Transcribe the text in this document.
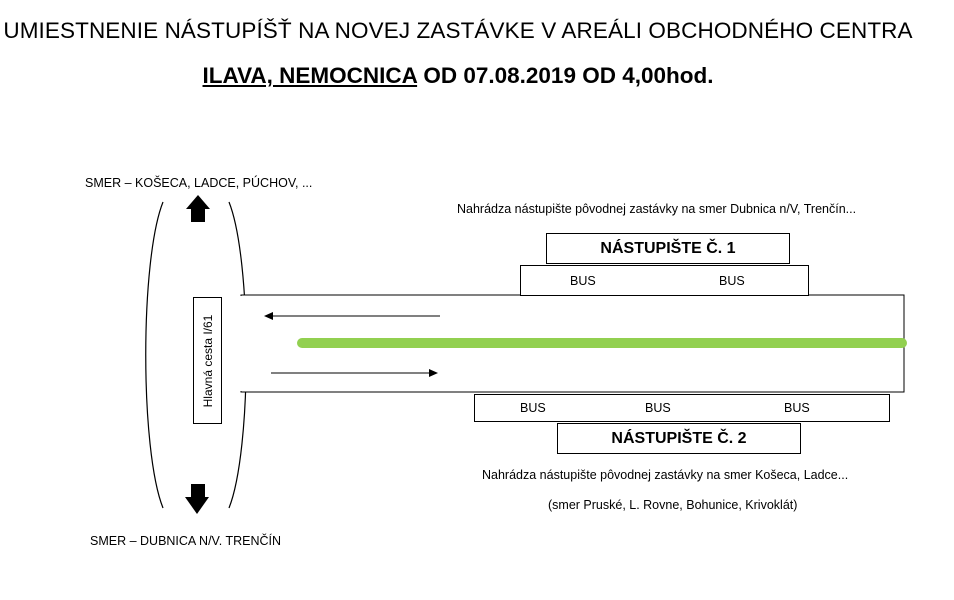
UMIESTNENIE NÁSTUPÍŠŤ NA NOVEJ ZASTÁVKE V AREÁLI OBCHODNÉHO CENTRA
ILAVA, NEMOCNICA OD 07.08.2019 OD 4,00hod.
Hlavná cesta I/61
SMER – KOŠECA, LADCE, PÚCHOV, ...
SMER – DUBNICA N/V. TRENČÍN
Nahrádza nástupište pôvodnej zastávky na smer Dubnica n/V, Trenčín...
NÁSTUPIŠTE Č. 1
BUS	BUS
BUS	BUS	BUS
NÁSTUPIŠTE Č. 2
Nahrádza nástupište pôvodnej zastávky na smer Košeca, Ladce...
(smer Pruské, L. Rovne, Bohunice, Krivoklát)
